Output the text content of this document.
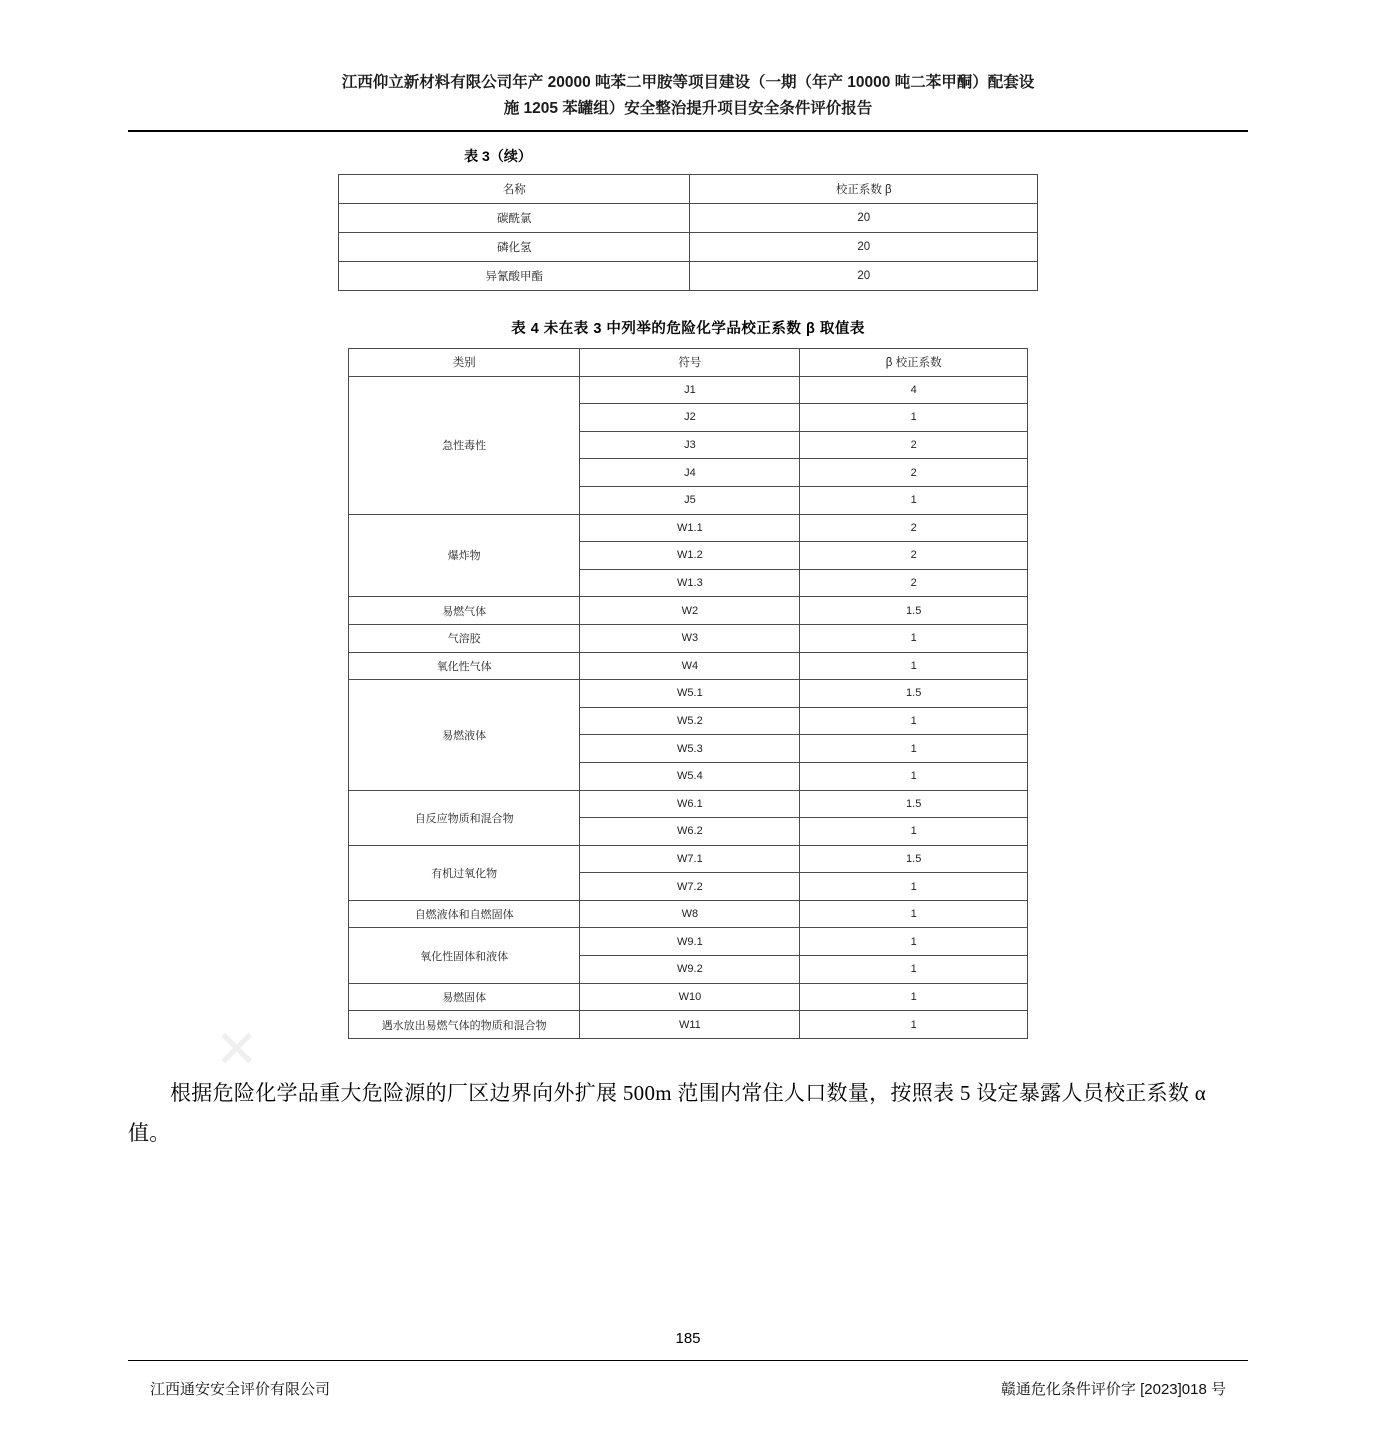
江西仰立新材料有限公司年产 20000 吨苯二甲胺等项目建设（一期（年产 10000 吨二苯甲酮）配套设
施 1205 苯罐组）安全整治提升项目安全条件评价报告
表 3（续）
名称	校正系数 β
碳酰氯	20
磷化氢	20
异氰酸甲酯	20
表 4 未在表 3 中列举的危险化学品校正系数 β 取值表
类别	符号	β 校正系数
急性毒性	J1	4
	J2	1
	J3	2
	J4	2
	J5	1
爆炸物	W1.1	2
	W1.2	2
	W1.3	2
易燃气体	W2	1.5
气溶胶	W3	1
氧化性气体	W4	1
易燃液体	W5.1	1.5
	W5.2	1
	W5.3	1
	W5.4	1
自反应物质和混合物	W6.1	1.5
	W6.2	1
有机过氧化物	W7.1	1.5
	W7.2	1
自燃液体和自燃固体	W8	1
氧化性固体和液体	W9.1	1
	W9.2	1
易燃固体	W10	1
遇水放出易燃气体的物质和混合物	W11	1
✕

根据危险化学品重大危险源的厂区边界向外扩展 500m 范围内常住人口数量，按照表 5 设定暴露人员校正系数 α 值。

185
江西通安安全评价有限公司	赣通危化条件评价字 [2023]018 号
